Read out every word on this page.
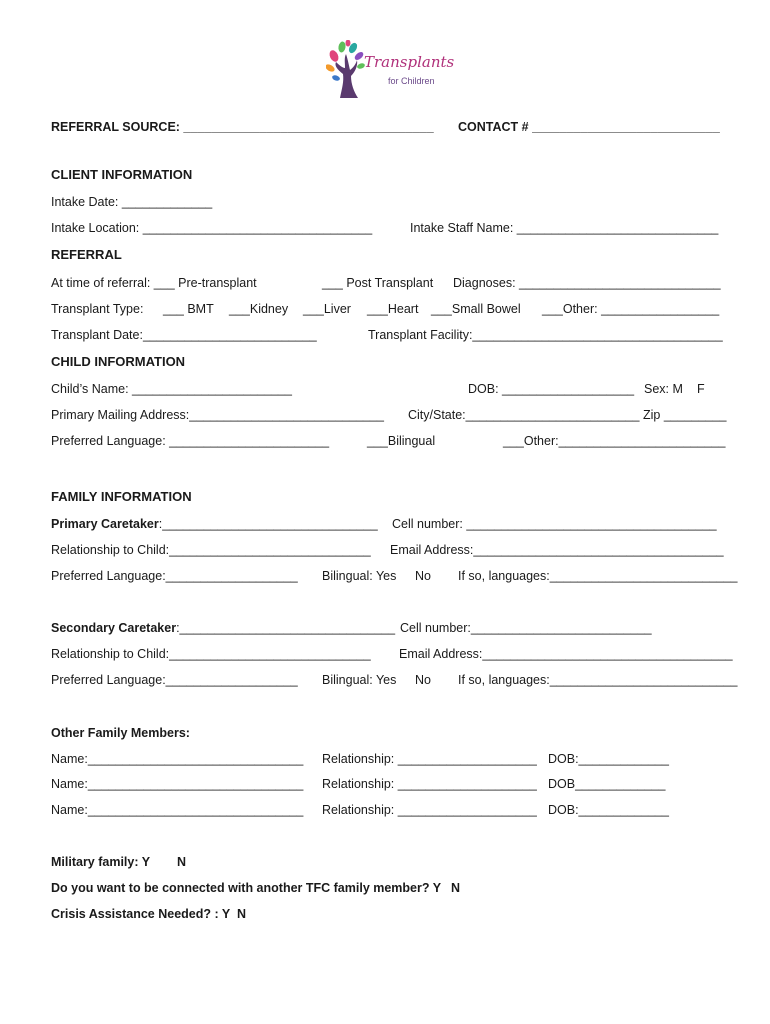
Transplants
for Children
REFERRAL SOURCE: ____________________________________ CONTACT # ___________________________
CLIENT INFORMATION
Intake Date: _____________
Intake Location: _________________________________	Intake Staff Name: _____________________________
REFERRAL
At time of referral: ___ Pre-transplant	___ Post Transplant Diagnoses: _____________________________
Transplant Type: ___ BMT ___Kidney ___Liver ___Heart ___Small Bowel ___Other: _________________
Transplant Date:_________________________	Transplant Facility:____________________________________
CHILD INFORMATION
Child’s Name: _______________________	DOB: ___________________ Sex: M F
Primary Mailing Address:____________________________ City/State:_________________________ Zip _________
Preferred Language: _______________________	___Bilingual	___Other:________________________
FAMILY INFORMATION
Primary Caretaker:_______________________________ Cell number: ____________________________________
Relationship to Child:_____________________________ Email Address:____________________________________
Preferred Language:___________________ Bilingual: Yes No If so, languages:___________________________
Secondary Caretaker:_______________________________ Cell number:__________________________
Relationship to Child:_____________________________ Email Address:____________________________________
Preferred Language:___________________ Bilingual: Yes No If so, languages:___________________________
Other Family Members:
Name:_______________________________ Relationship: ____________________ DOB:_____________
Name:_______________________________ Relationship: ____________________ DOB_____________
Name:_______________________________ Relationship: ____________________ DOB:_____________
Military family: Y N
Do you want to be connected with another TFC family member? Y N
Crisis Assistance Needed? : Y N
